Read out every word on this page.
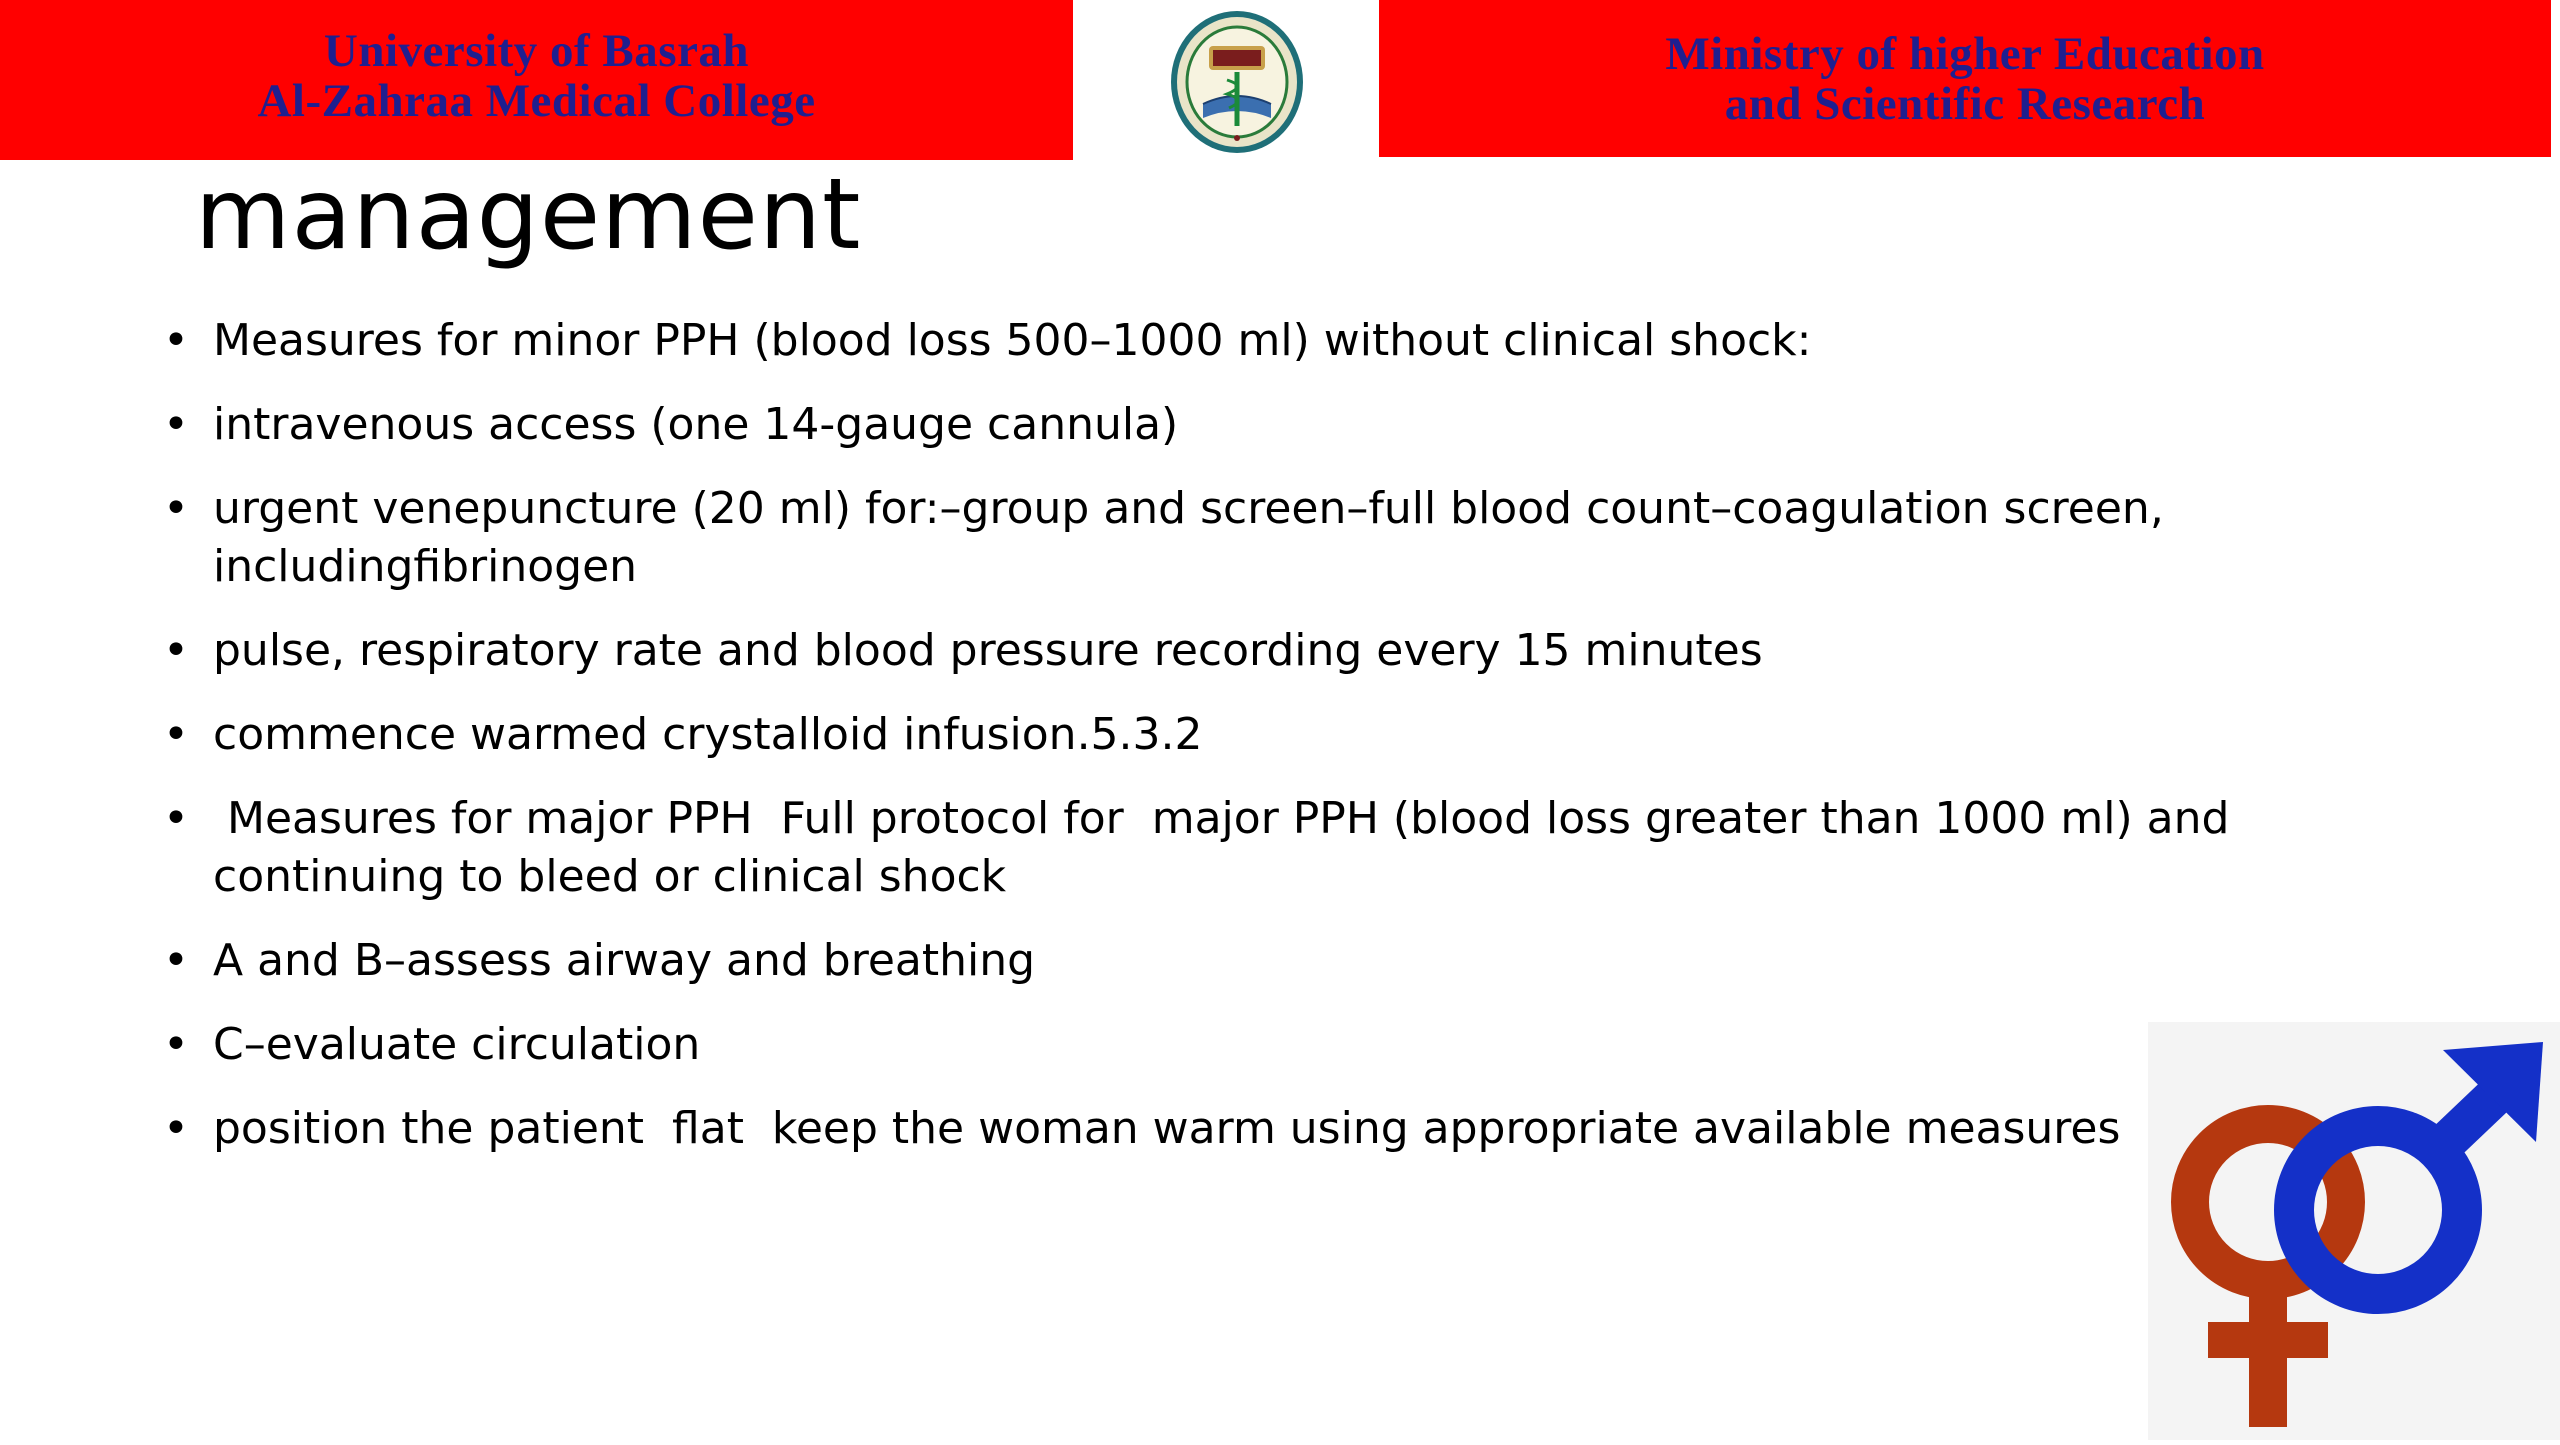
University of Basrah
Al-Zahraa Medical College
Ministry of higher Education
and Scientific Research
management
• Measures for minor PPH (blood loss 500–1000 ml) without clinical shock:
• intravenous access (one 14-gauge cannula)
• urgent venepuncture (20 ml) for:–group and screen–full blood count–coagulation screen, includingfibrinogen
• pulse, respiratory rate and blood pressure recording every 15 minutes
• commence warmed crystalloid infusion.5.3.2
•  Measures for major PPH  Full protocol for  major PPH (blood loss greater than 1000 ml) and continuing to bleed or clinical shock
• A and B–assess airway and breathing
• C–evaluate circulation
• position the patient  flat  keep the woman warm using appropriate available measures
